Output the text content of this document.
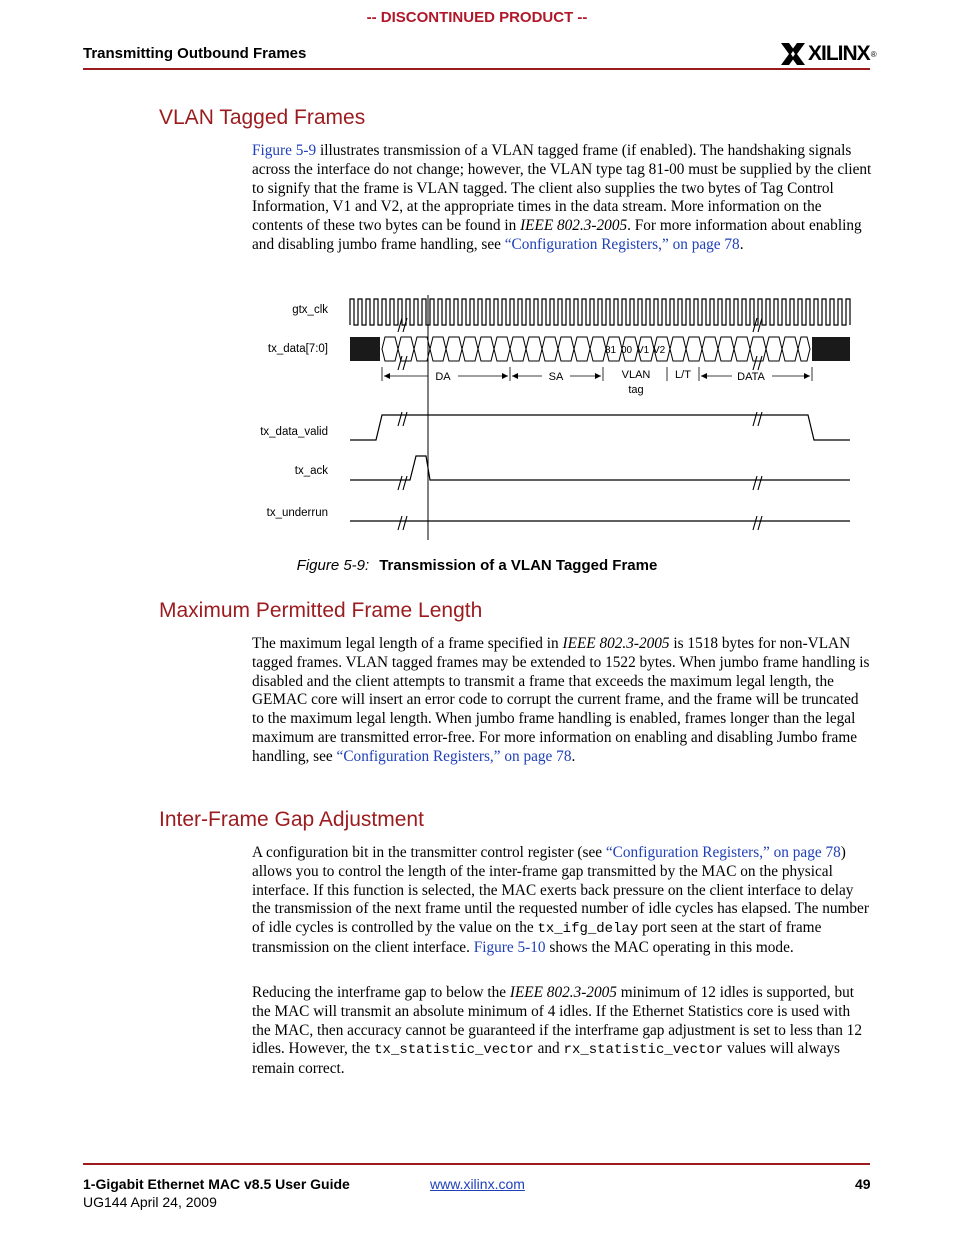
-- DISCONTINUED PRODUCT --
Transmitting Outbound Frames	XILINX ®
VLAN Tagged Frames

Figure 5-9 illustrates transmission of a VLAN tagged frame (if enabled). The handshaking signals across the interface do not change; however, the VLAN type tag 81-00 must be supplied by the client to signify that the frame is VLAN tagged. The client also supplies the two bytes of Tag Control Information, V1 and V2, at the appropriate times in the data stream. More information on the contents of these two bytes can be found in IEEE 802.3-2005. For more information about enabling and disabling jumbo frame handling, see “Configuration Registers,” on page 78.

gtx_clk
tx_data[7:0]
tx_data_valid
tx_ack
tx_underrun
81 00 V1 V2
DA	SA	VLAN
tag
L/T	DATA
Figure 5-9: Transmission of a VLAN Tagged Frame
Maximum Permitted Frame Length

The maximum legal length of a frame specified in IEEE 802.3-2005 is 1518 bytes for non-VLAN tagged frames. VLAN tagged frames may be extended to 1522 bytes. When jumbo frame handling is disabled and the client attempts to transmit a frame that exceeds the maximum legal length, the GEMAC core will insert an error code to corrupt the current frame, and the frame will be truncated to the maximum legal length. When jumbo frame handling is enabled, frames longer than the legal maximum are transmitted error-free. For more information on enabling and disabling Jumbo frame handling, see “Configuration Registers,” on page 78.

Inter-Frame Gap Adjustment

A configuration bit in the transmitter control register (see “Configuration Registers,” on page 78) allows you to control the length of the inter-frame gap transmitted by the MAC on the physical interface. If this function is selected, the MAC exerts back pressure on the client interface to delay the transmission of the next frame until the requested number of idle cycles has elapsed. The number of idle cycles is controlled by the value on the tx_ifg_delay port seen at the start of frame transmission on the client interface. Figure 5-10 shows the MAC operating in this mode.

Reducing the interframe gap to below the IEEE 802.3-2005 minimum of 12 idles is supported, but the MAC will transmit an absolute minimum of 4 idles. If the Ethernet Statistics core is used with the MAC, then accuracy cannot be guaranteed if the interframe gap adjustment is set to less than 12 idles. However, the tx_statistic_vector and rx_statistic_vector values will always remain correct.

1-Gigabit Ethernet MAC v8.5 User Guide
UG144 April 24, 2009
www.xilinx.com	49
